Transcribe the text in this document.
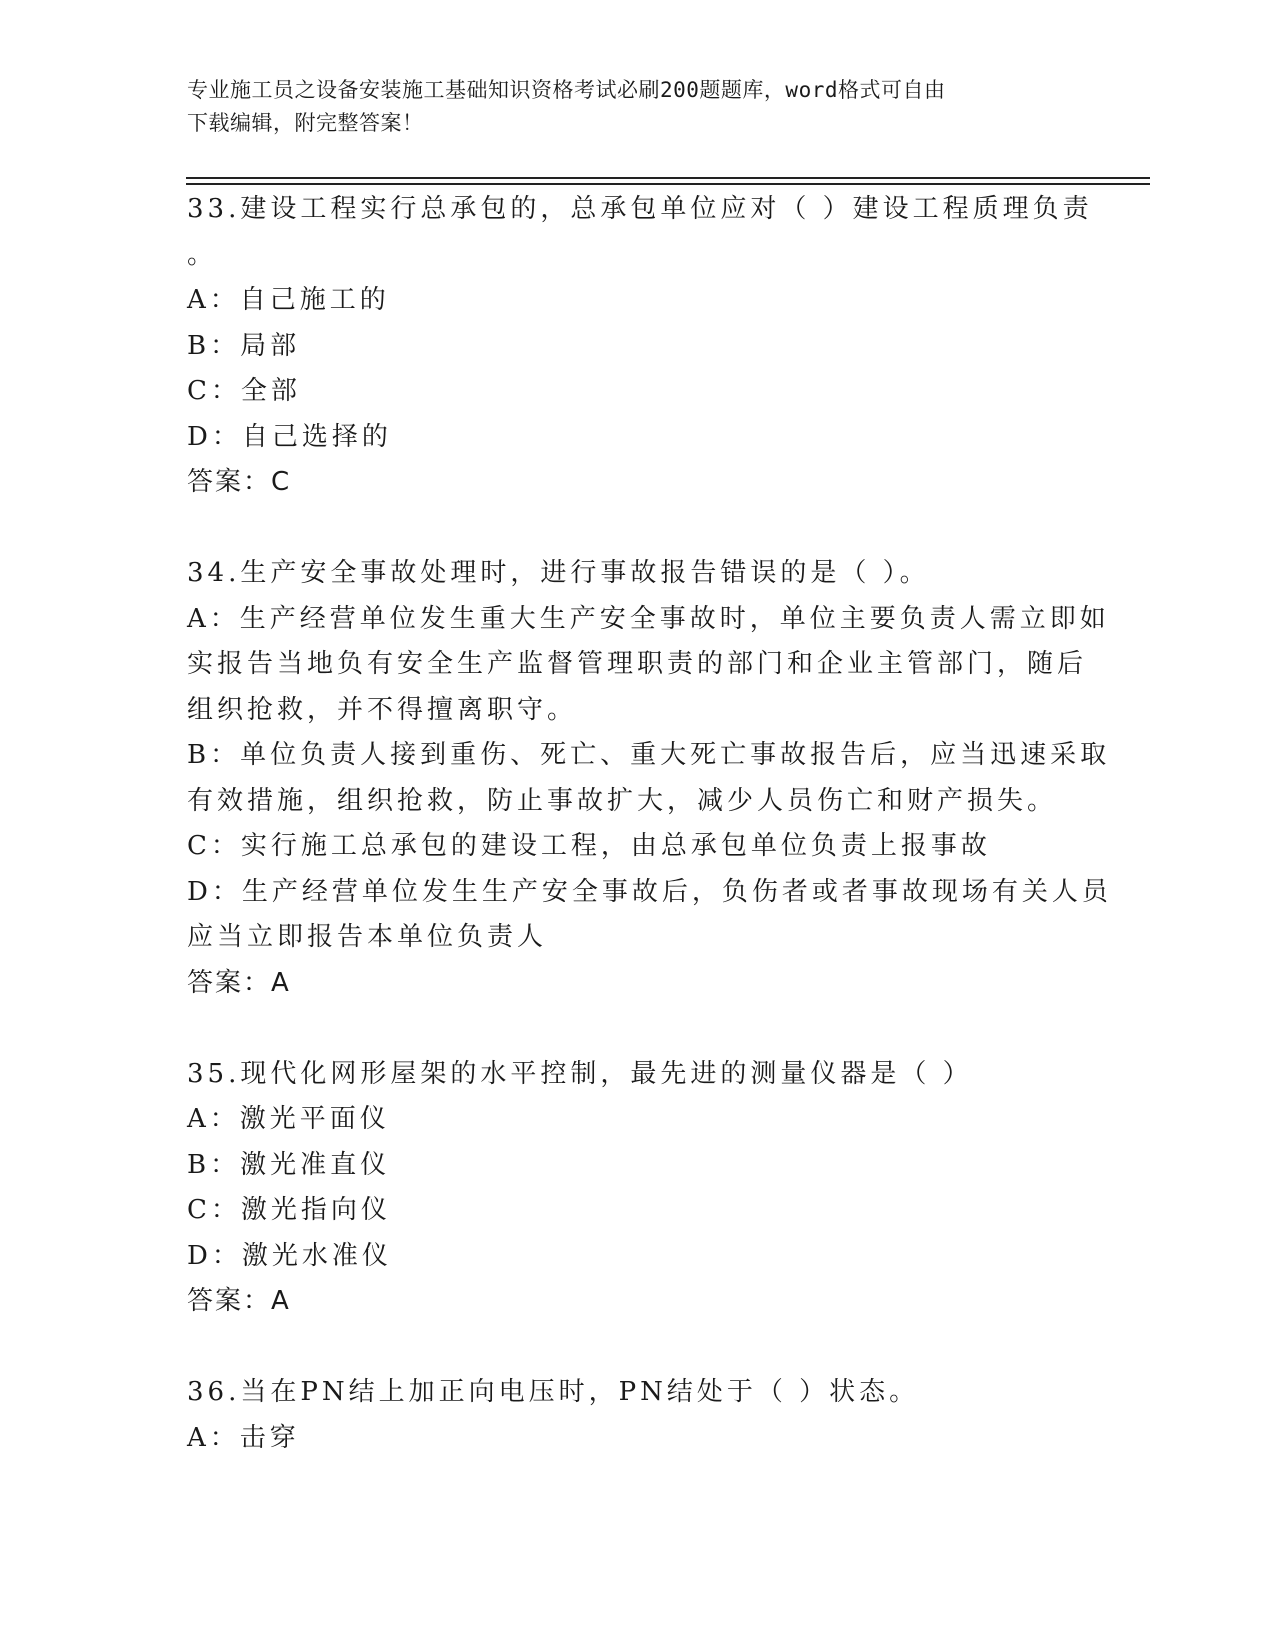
专业施工员之设备安装施工基础知识资格考试必刷200题题库，word格式可自由
下载编辑，附完整答案！
33.建设工程实行总承包的，总承包单位应对（ ）建设工程质理负责
。
A：自己施工的
B：局部
C：全部
D：自己选择的
答案：C
34.生产安全事故处理时，进行事故报告错误的是（ ）。
A：生产经营单位发生重大生产安全事故时，单位主要负责人需立即如
实报告当地负有安全生产监督管理职责的部门和企业主管部门，随后
组织抢救，并不得擅离职守。
B：单位负责人接到重伤、死亡、重大死亡事故报告后，应当迅速采取
有效措施，组织抢救，防止事故扩大，减少人员伤亡和财产损失。
C：实行施工总承包的建设工程，由总承包单位负责上报事故
D：生产经营单位发生生产安全事故后，负伤者或者事故现场有关人员
应当立即报告本单位负责人
答案：A
35.现代化网形屋架的水平控制，最先进的测量仪器是（ ）
A：激光平面仪
B：激光准直仪
C：激光指向仪
D：激光水准仪
答案：A
36.当在PN结上加正向电压时，PN结处于（ ）状态。
A：击穿
